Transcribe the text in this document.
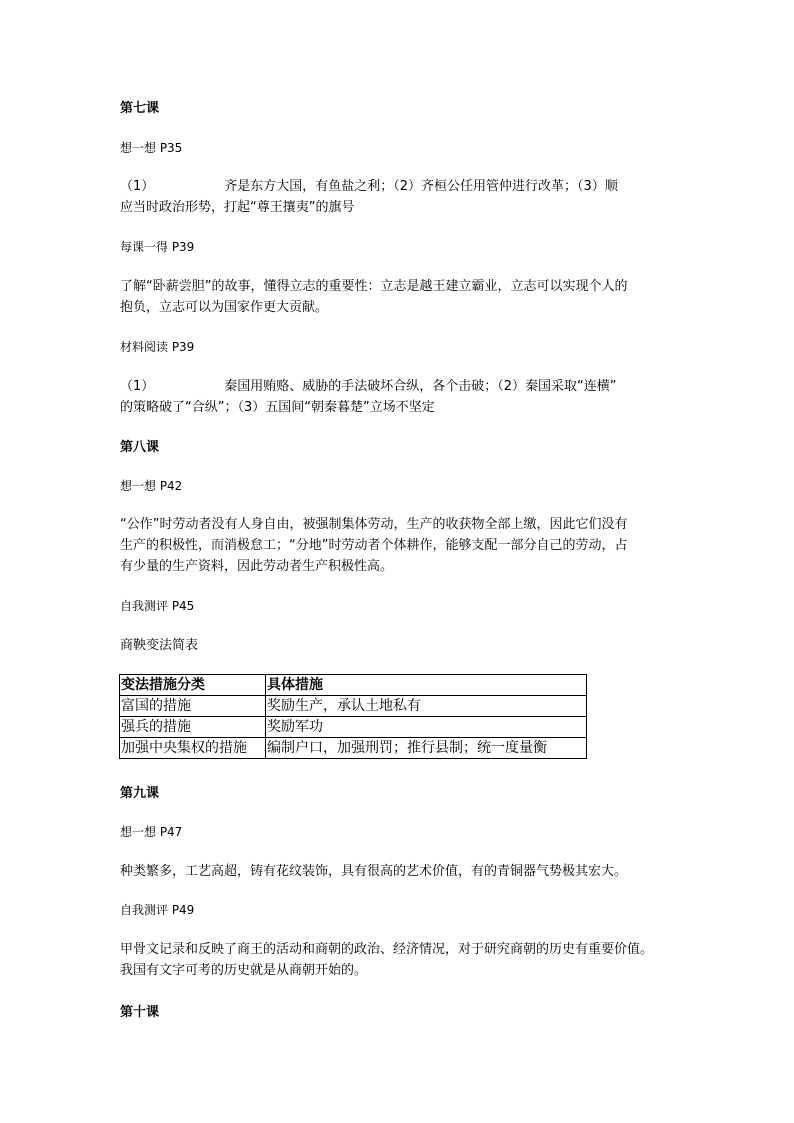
第七课
想一想 P35
（1）	齐是东方大国，有鱼盐之利；（2）齐桓公任用管仲进行改革；（3）顺
应当时政治形势，打起“尊王攘夷”的旗号
每课一得 P39
了解“卧薪尝胆”的故事，懂得立志的重要性：立志是越王建立霸业，立志可以实现个人的
抱负，立志可以为国家作更大贡献。
材料阅读 P39
（1）	秦国用贿赂、威胁的手法破坏合纵，各个击破；（2）秦国采取“连横”
的策略破了“合纵”；（3）五国间“朝秦暮楚”立场不坚定
第八课
想一想 P42
“公作”时劳动者没有人身自由，被强制集体劳动，生产的收获物全部上缴，因此它们没有
生产的积极性，而消极怠工；“分地”时劳动者个体耕作，能够支配一部分自己的劳动，占
有少量的生产资料，因此劳动者生产积极性高。
自我测评 P45
商鞅变法简表
变法措施分类	具体措施
富国的措施	奖励生产，承认土地私有
强兵的措施	奖励军功
加强中央集权的措施	编制户口，加强刑罚；推行县制；统一度量衡
第九课
想一想 P47
种类繁多，工艺高超，铸有花纹装饰，具有很高的艺术价值，有的青铜器气势极其宏大。
自我测评 P49
甲骨文记录和反映了商王的活动和商朝的政治、经济情况，对于研究商朝的历史有重要价值。
我国有文字可考的历史就是从商朝开始的。
第十课
